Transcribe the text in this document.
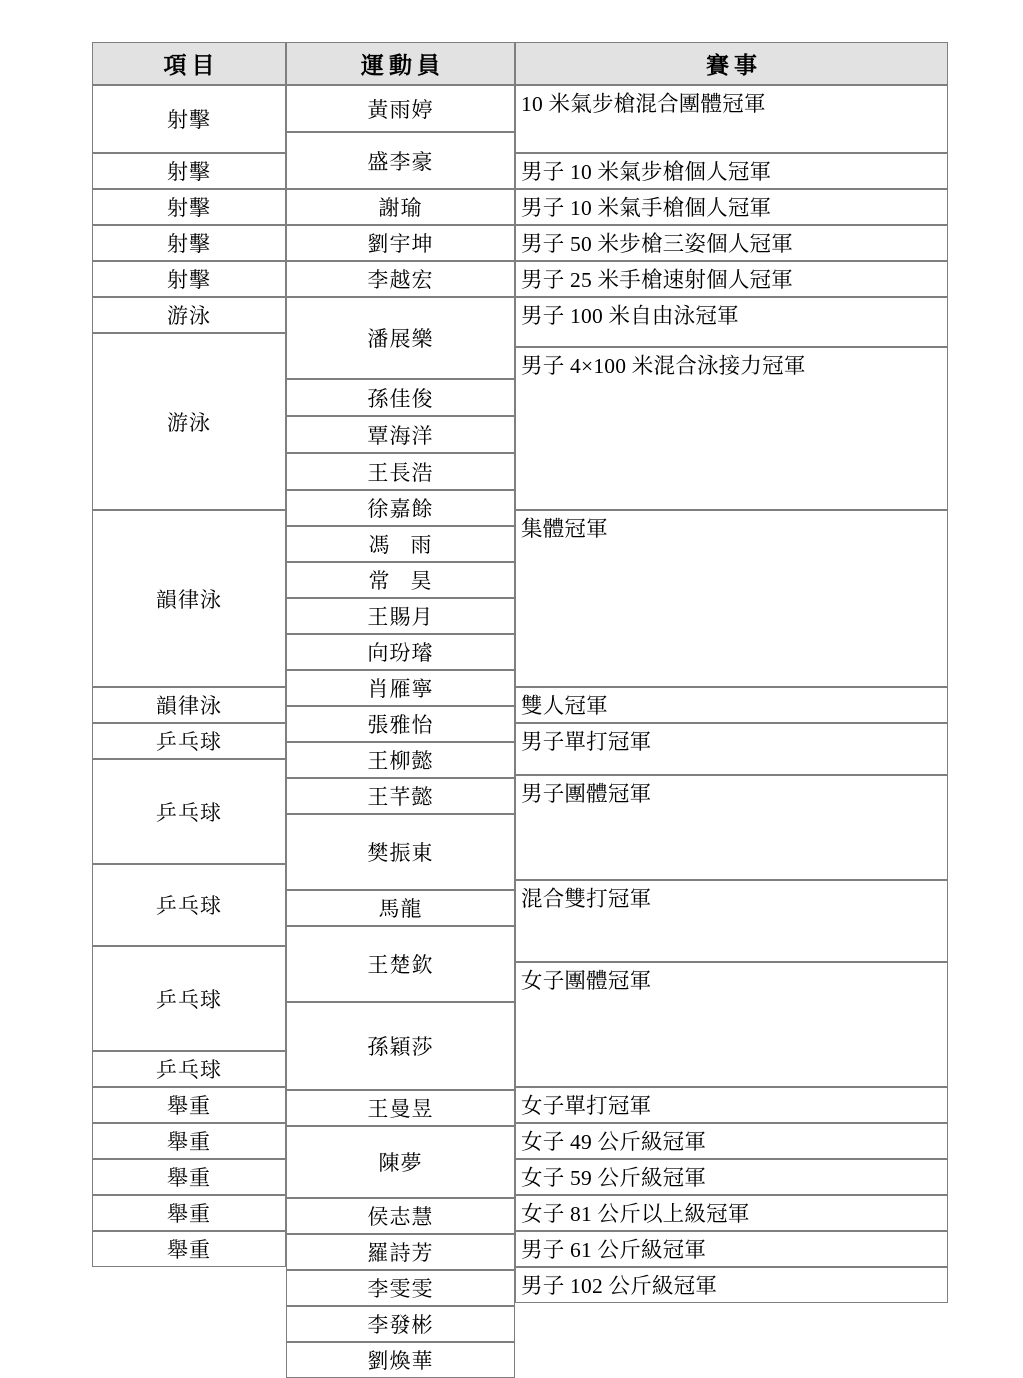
項目	運動員	賽事
射擊
射擊
射擊
射擊
射擊
游泳
游泳
韻律泳
韻律泳
乒乓球
乒乓球
乒乓球
乒乓球
乒乓球
舉重
舉重
舉重
舉重
舉重
黃雨婷
盛李豪
謝瑜
劉宇坤
李越宏
潘展樂
孫佳俊
覃海洋
王長浩
徐嘉餘
馮 雨
常 昊
王賜月
向玢璿
肖雁寧
張雅怡
王柳懿
王芊懿
樊振東
馬龍
王楚欽
孫穎莎
王曼昱
陳夢
侯志慧
羅詩芳
李雯雯
李發彬
劉煥華
10 米氣步槍混合團體冠軍
男子 10 米氣步槍個人冠軍
男子 10 米氣手槍個人冠軍
男子 50 米步槍三姿個人冠軍
男子 25 米手槍速射個人冠軍
男子 100 米自由泳冠軍
男子 4×100 米混合泳接力冠軍
集體冠軍
雙人冠軍
男子單打冠軍
男子團體冠軍
混合雙打冠軍
女子團體冠軍
女子單打冠軍
女子 49 公斤級冠軍
女子 59 公斤級冠軍
女子 81 公斤以上級冠軍
男子 61 公斤級冠軍
男子 102 公斤級冠軍
